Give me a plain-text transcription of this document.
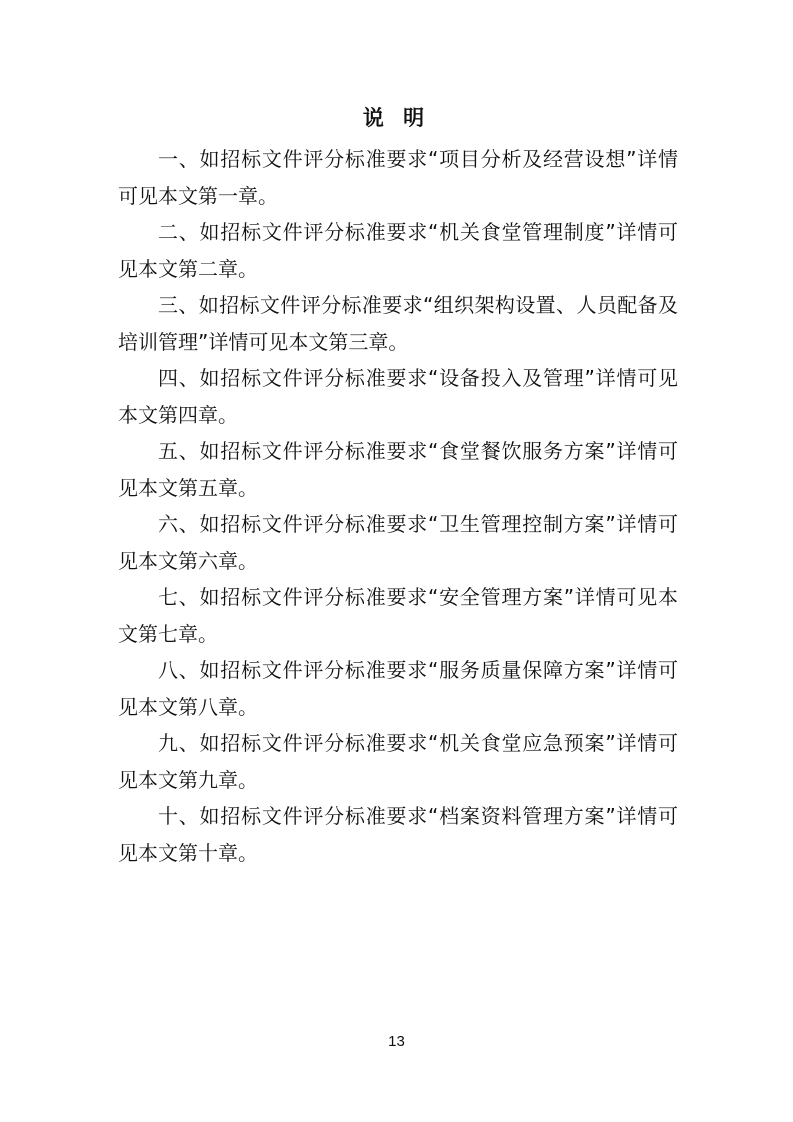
说 明

一、如招标文件评分标准要求“项目分析及经营设想”详情可见本文第一章。

二、如招标文件评分标准要求“机关食堂管理制度”详情可见本文第二章。

三、如招标文件评分标准要求“组织架构设置、人员配备及培训管理”详情可见本文第三章。

四、如招标文件评分标准要求“设备投入及管理”详情可见本文第四章。

五、如招标文件评分标准要求“食堂餐饮服务方案”详情可见本文第五章。

六、如招标文件评分标准要求“卫生管理控制方案”详情可见本文第六章。

七、如招标文件评分标准要求“安全管理方案”详情可见本文第七章。

八、如招标文件评分标准要求“服务质量保障方案”详情可见本文第八章。

九、如招标文件评分标准要求“机关食堂应急预案”详情可见本文第九章。

十、如招标文件评分标准要求“档案资料管理方案”详情可见本文第十章。

13
